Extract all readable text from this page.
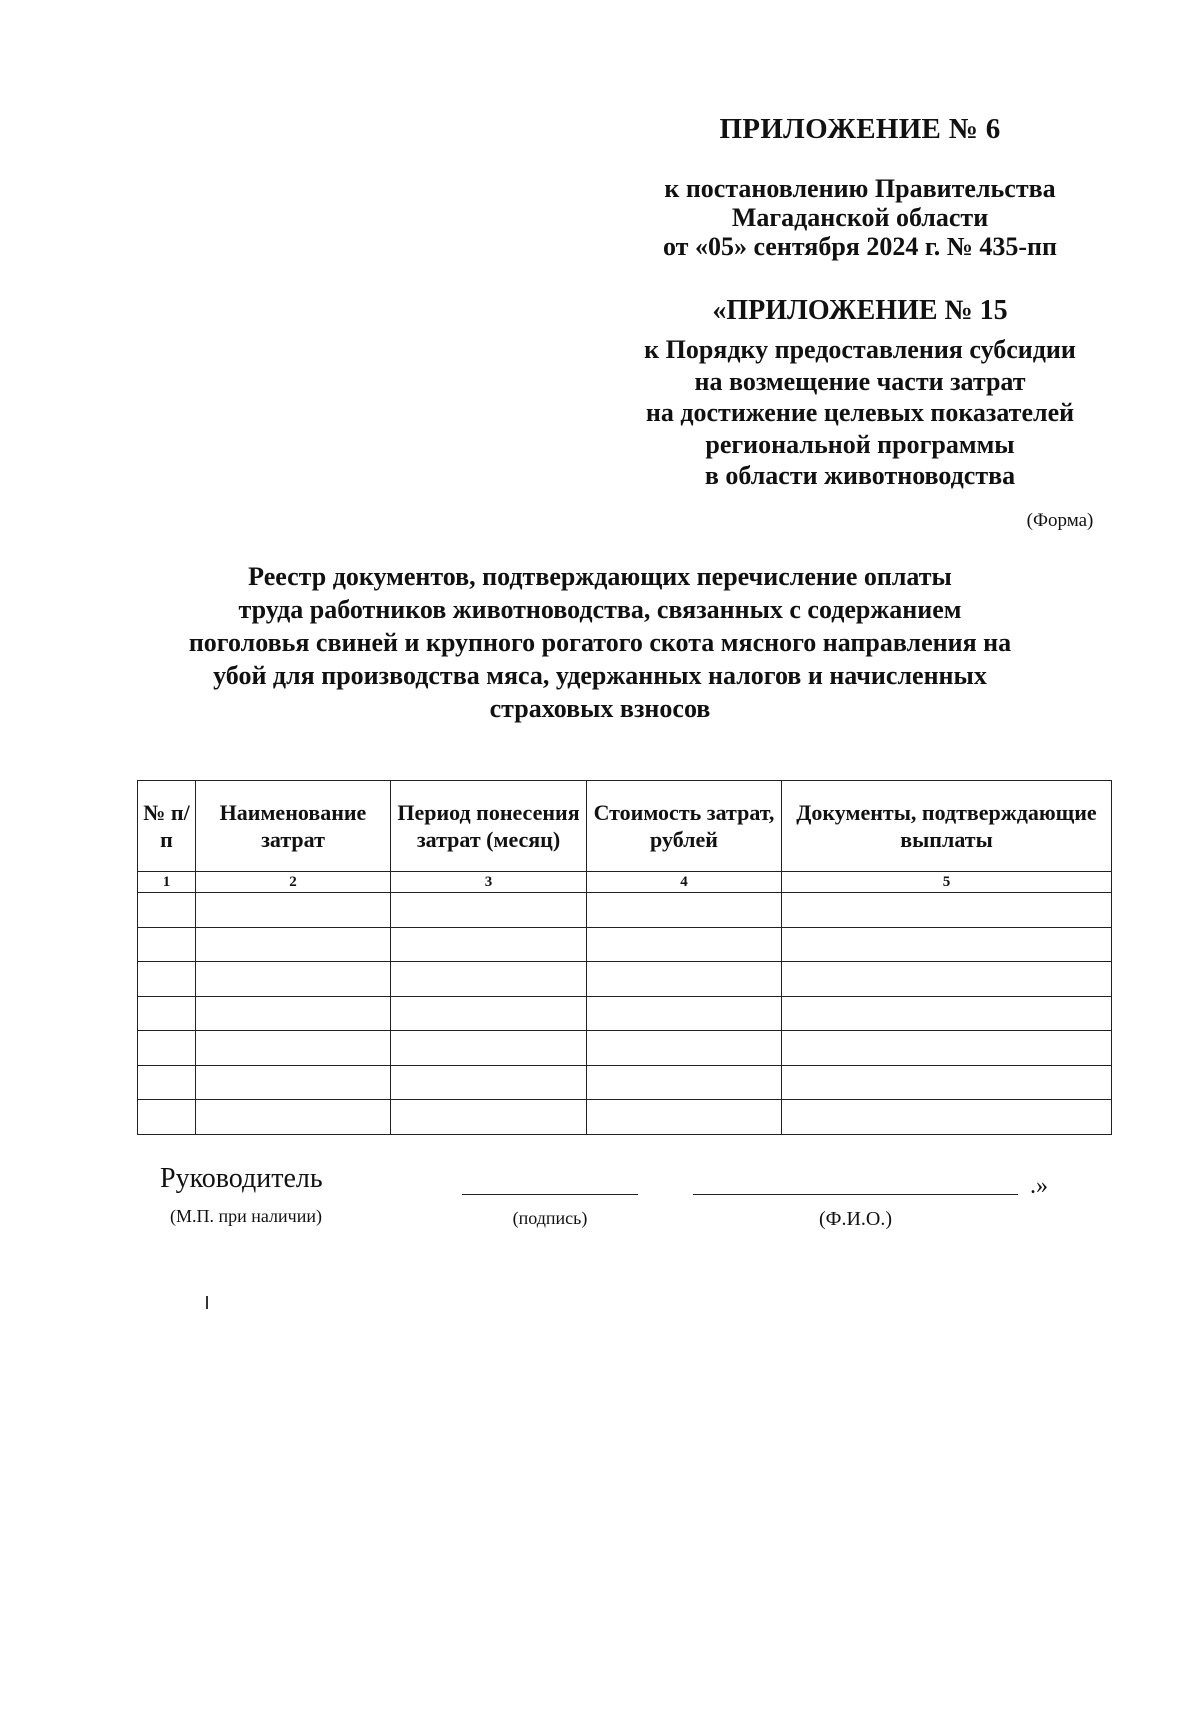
ПРИЛОЖЕНИЕ № 6
к постановлению Правительства
Магаданской области
от «05» сентября 2024 г. № 435-пп
«ПРИЛОЖЕНИЕ № 15
к Порядку предоставления субсидии
на возмещение части затрат
на достижение целевых показателей
региональной программы
в области животноводства
(Форма)
Реестр документов, подтверждающих перечисление оплаты
труда работников животноводства, связанных с содержанием
поголовья свиней и крупного рогатого скота мясного направления на
убой для производства мяса, удержанных налогов и начисленных
страховых взносов
№ п/п	Наименование затрат	Период понесения затрат (месяц)	Стоимость затрат, рублей	Документы, подтверждающие выплаты
1	2	3	4	5

Руководитель
(М.П. при наличии)	(подпись)	(Ф.И.О.)
.»
